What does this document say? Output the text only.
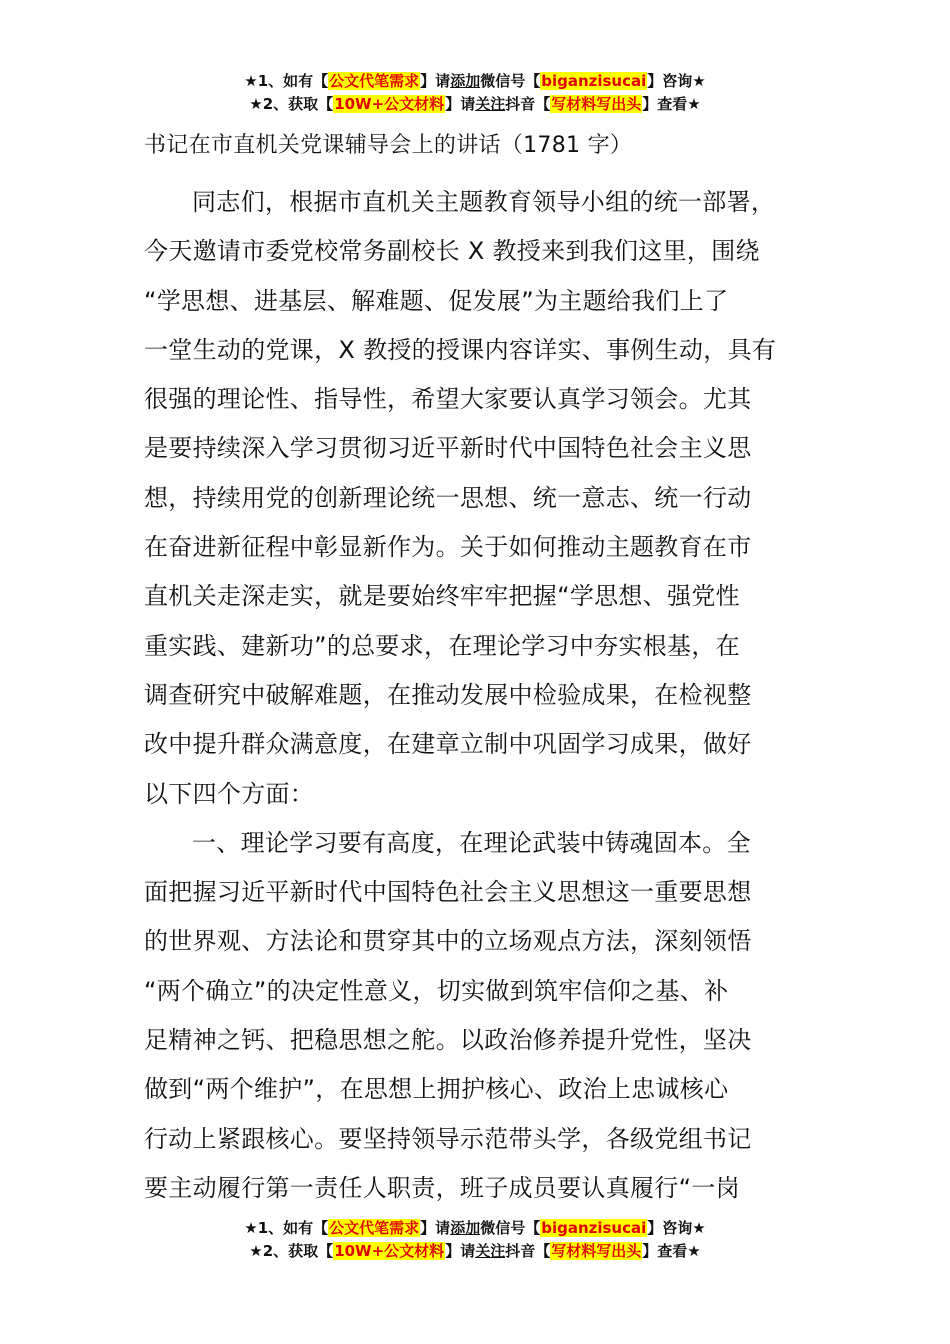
★1、如有【公文代笔需求】请添加微信号【biganzisucai】咨询★
★2、获取【10W+公文材料】请关注抖音【写材料写出头】查看★
书记在市直机关党课辅导会上的讲话（1781 字）
同志们，根据市直机关主题教育领导小组的统一部署，
今天邀请市委党校常务副校长 X 教授来到我们这里，围绕
“学思想、进基层、解难题、促发展”为主题给我们上了
一堂生动的党课，X 教授的授课内容详实、事例生动，具有
很强的理论性、指导性，希望大家要认真学习领会。尤其
是要持续深入学习贯彻习近平新时代中国特色社会主义思
想，持续用党的创新理论统一思想、统一意志、统一行动
在奋进新征程中彰显新作为。关于如何推动主题教育在市
直机关走深走实，就是要始终牢牢把握“学思想、强党性
重实践、建新功”的总要求，在理论学习中夯实根基，在
调查研究中破解难题，在推动发展中检验成果，在检视整
改中提升群众满意度，在建章立制中巩固学习成果，做好
以下四个方面：
一、理论学习要有高度，在理论武装中铸魂固本。全
面把握习近平新时代中国特色社会主义思想这一重要思想
的世界观、方法论和贯穿其中的立场观点方法，深刻领悟
“两个确立”的决定性意义，切实做到筑牢信仰之基、补
足精神之钙、把稳思想之舵。以政治修养提升党性，坚决
做到“两个维护”，在思想上拥护核心、政治上忠诚核心
行动上紧跟核心。要坚持领导示范带头学，各级党组书记
要主动履行第一责任人职责，班子成员要认真履行“一岗
★1、如有【公文代笔需求】请添加微信号【biganzisucai】咨询★
★2、获取【10W+公文材料】请关注抖音【写材料写出头】查看★
